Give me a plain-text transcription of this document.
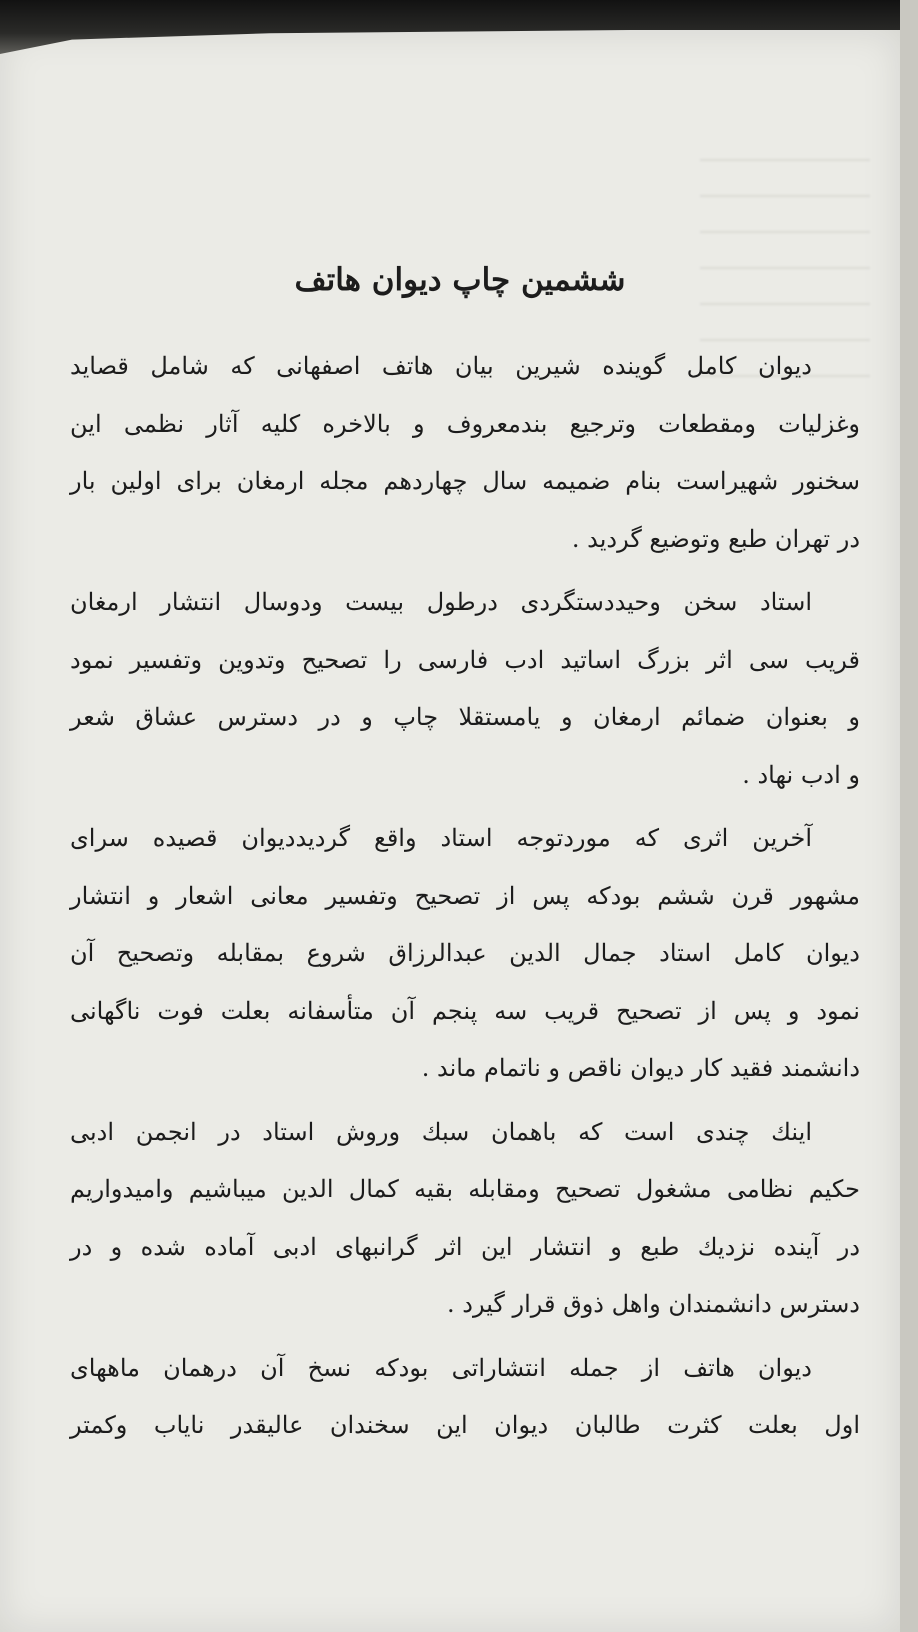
ششمین چاپ دیوان هاتف
دیوان کامل گوینده شیرین بیان هاتف اصفهانی که شامل قصاید
وغزلیات ومقطعات وترجیع بندمعروف و بالاخره کلیه آثار نظمی این
سخنور شهیراست بنام ضمیمه سال چهاردهم مجله ارمغان برای اولین بار
در تهران طبع وتوضیع گردید .
استاد سخن وحیددستگردی درطول بیست ودوسال انتشار ارمغان
قریب سی اثر بزرگ اساتید ادب فارسی را تصحیح وتدوین وتفسیر نمود
و بعنوان ضمائم ارمغان و یامستقلا چاپ و در دسترس عشاق شعر
و ادب نهاد .
آخرین اثری که موردتوجه استاد واقع گردیددیوان قصیده سرای
مشهور قرن ششم بودکه پس از تصحیح وتفسیر معانی اشعار و انتشار
دیوان کامل استاد جمال الدین عبدالرزاق شروع بمقابله وتصحیح آن
نمود و پس از تصحیح قریب سه پنجم آن متأسفانه بعلت فوت ناگهانی
دانشمند فقید کار دیوان ناقص و ناتمام ماند .
اینك چندی است كه باهمان سبك وروش استاد در انجمن ادبی
حکیم نظامی مشغول تصحیح ومقابله بقیه کمال الدین میباشیم وامیدواریم
در آینده نزدیك طبع و انتشار این اثر گرانبهای ادبی آماده شده و در
دسترس دانشمندان واهل ذوق قرار گیرد .
دیوان هاتف از جمله انتشاراتی بودکه نسخ آن درهمان ماههای
اول بعلت کثرت طالبان دیوان این سخندان عالیقدر نایاب وکمتر
